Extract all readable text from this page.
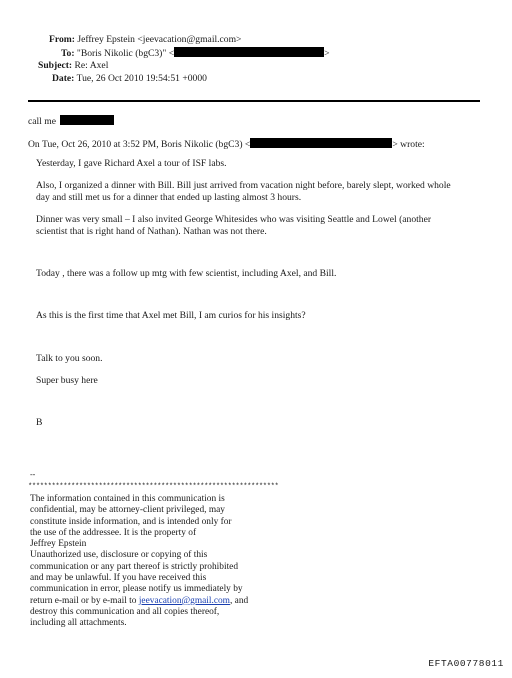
From: Jeffrey Epstein <jeevacation@gmail.com>
To: "Boris Nikolic (bgC3)" <	>
Subject: Re: Axel
Date: Tue, 26 Oct 2010 19:54:51 +0000
call me
On Tue, Oct 26, 2010 at 3:52 PM, Boris Nikolic (bgC3) <	> wrote:
Yesterday, I gave Richard Axel a tour of ISF labs.
Also, I organized a dinner with Bill. Bill just arrived from vacation night before, barely slept, worked whole
day and still met us for a dinner that ended up lasting almost 3 hours.
Dinner was very small – I also invited George Whitesides who was visiting Seattle and Lowel (another
scientist that is right hand of Nathan). Nathan was not there.
Today , there was a follow up mtg with few scientist, including Axel, and Bill.
As this is the first time that Axel met Bill, I am curios for his insights?
Talk to you soon.
Super busy here
B
--
****************************************************************
The information contained in this communication is
confidential, may be attorney-client privileged, may
constitute inside information, and is intended only for
the use of the addressee. It is the property of
Jeffrey Epstein
Unauthorized use, disclosure or copying of this
communication or any part thereof is strictly prohibited
and may be unlawful. If you have received this
communication in error, please notify us immediately by
return e-mail or by e-mail to jeevacation@gmail.com, and
destroy this communication and all copies thereof,
including all attachments.
EFTA00778011
